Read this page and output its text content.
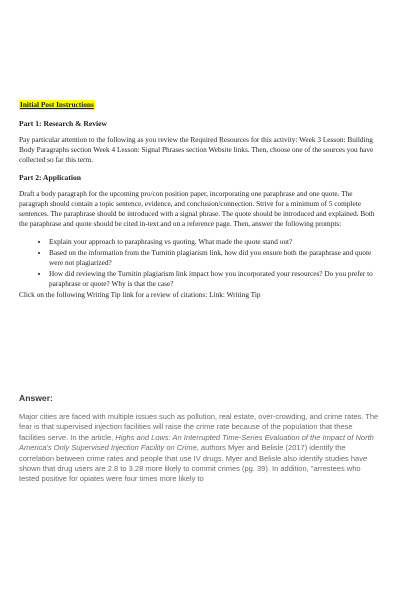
Initial Post Instructions
Part 1: Research & Review

Pay particular attention to the following as you review the Required Resources for this activity: Week 3 Lesson: Building Body Paragraphs section Week 4 Lesson: Signal Phrases section Website links. Then, choose one of the sources you have collected so far this term.

Part 2: Application

Draft a body paragraph for the upcoming pro/con position paper, incorporating one paraphrase and one quote. The paragraph should contain a topic sentence, evidence, and conclusion/connection. Strive for a minimum of 5 complete sentences. The paraphrase should be introduced with a signal phrase. The quote should be introduced and explained. Both the paraphrase and quote should be cited in-text and on a reference page. Then, answer the following prompts:

• Explain your approach to paraphrasing vs quoting. What made the quote stand out?
• Based on the information from the Turnitin plagiarism link, how did you ensure both the paraphrase and quote were not plagiarized?
• How did reviewing the Turnitin plagiarism link impact how you incorporated your resources? Do you prefer to paraphrase or quote? Why is that the case?
Click on the following Writing Tip link for a review of citations: Link: Writing Tip
Answer:
Major cities are faced with multiple issues such as pollution, real estate, over-crowding, and crime rates. The fear is that supervised injection facilities will raise the crime rate because of the population that these facilities serve. In the article, Highs and Lows: An Interrupted Time-Series Evaluation of the Impact of North America's Only Supervised Injection Facility on Crime, authors Myer and Belisle (2017) identify the correlation between crime rates and people that use IV drugs. Myer and Belisle also identify studies have shown that drug users are 2.8 to 3.28 more likely to commit crimes (pg. 39). In addition, "arrestees who tested positive for opiates were four times more likely to
